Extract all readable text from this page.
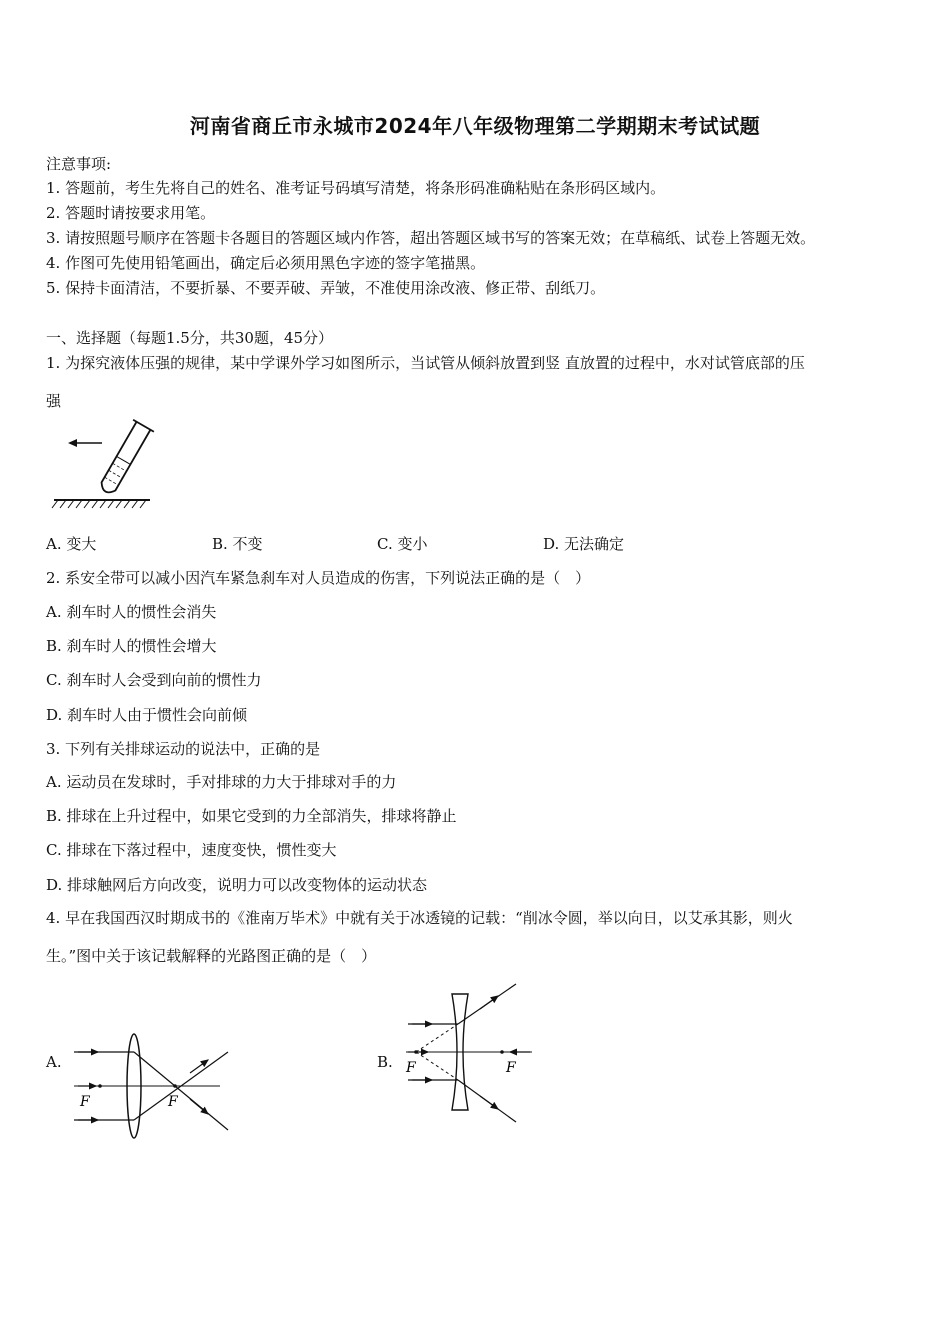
河南省商丘市永城市2024年八年级物理第二学期期末考试试题
注意事项:
1. 答题前，考生先将自己的姓名、准考证号码填写清楚，将条形码准确粘贴在条形码区域内。
2. 答题时请按要求用笔。
3. 请按照题号顺序在答题卡各题目的答题区域内作答，超出答题区域书写的答案无效；在草稿纸、试卷上答题无效。
4. 作图可先使用铅笔画出，确定后必须用黑色字迹的签字笔描黑。
5. 保持卡面清洁，不要折暴、不要弄破、弄皱，不准使用涂改液、修正带、刮纸刀。
一、选择题（每题1.5分，共30题，45分）
1. 为探究液体压强的规律，某中学课外学习如图所示，当试管从倾斜放置到竖 直放置的过程中，水对试管底部的压
强
A. 变大	B. 不变	C. 变小	D. 无法确定
2. 系安全带可以减小因汽车紧急刹车对人员造成的伤害，下列说法正确的是（　）
A. 刹车时人的惯性会消失
B. 刹车时人的惯性会增大
C. 刹车时人会受到向前的惯性力
D. 刹车时人由于惯性会向前倾
3. 下列有关排球运动的说法中，正确的是
A. 运动员在发球时，手对排球的力大于排球对手的力
B. 排球在上升过程中，如果它受到的力全部消失，排球将静止
C. 排球在下落过程中，速度变快，惯性变大
D. 排球触网后方向改变，说明力可以改变物体的运动状态
4. 早在我国西汉时期成书的《淮南万毕术》中就有关于冰透镜的记载：“削冰令圆，举以向日，以艾承其影，则火
生。”图中关于该记载解释的光路图正确的是（　）
A.	B.
F	F
F	F
